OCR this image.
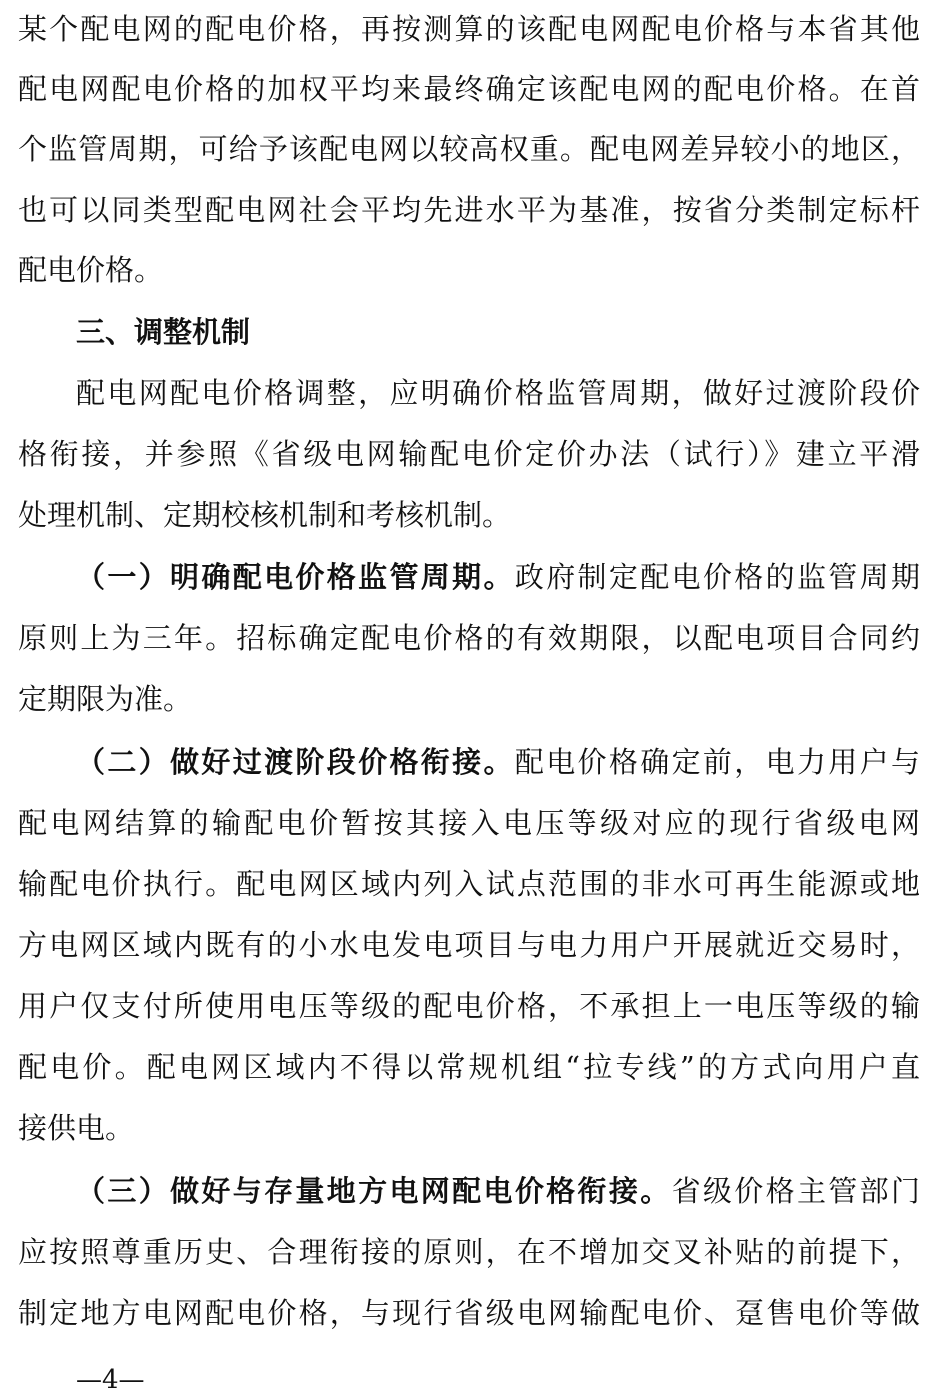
某个配电网的配电价格，再按测算的该配电网配电价格与本省其他
配电网配电价格的加权平均来最终确定该配电网的配电价格。在首
个监管周期，可给予该配电网以较高权重。配电网差异较小的地区，
也可以同类型配电网社会平均先进水平为基准，按省分类制定标杆
配电价格。
三、调整机制
配电网配电价格调整，应明确价格监管周期，做好过渡阶段价
格衔接，并参照《省级电网输配电价定价办法（试行）》建立平滑
处理机制、定期校核机制和考核机制。
（一）明确配电价格监管周期。政府制定配电价格的监管周期
原则上为三年。招标确定配电价格的有效期限，以配电项目合同约
定期限为准。
（二）做好过渡阶段价格衔接。配电价格确定前，电力用户与
配电网结算的输配电价暂按其接入电压等级对应的现行省级电网
输配电价执行。配电网区域内列入试点范围的非水可再生能源或地
方电网区域内既有的小水电发电项目与电力用户开展就近交易时，
用户仅支付所使用电压等级的配电价格，不承担上一电压等级的输
配电价。配电网区域内不得以常规机组“拉专线”的方式向用户直
接供电。
（三）做好与存量地方电网配电价格衔接。省级价格主管部门
应按照尊重历史、合理衔接的原则，在不增加交叉补贴的前提下，
制定地方电网配电价格，与现行省级电网输配电价、趸售电价等做
—4—
